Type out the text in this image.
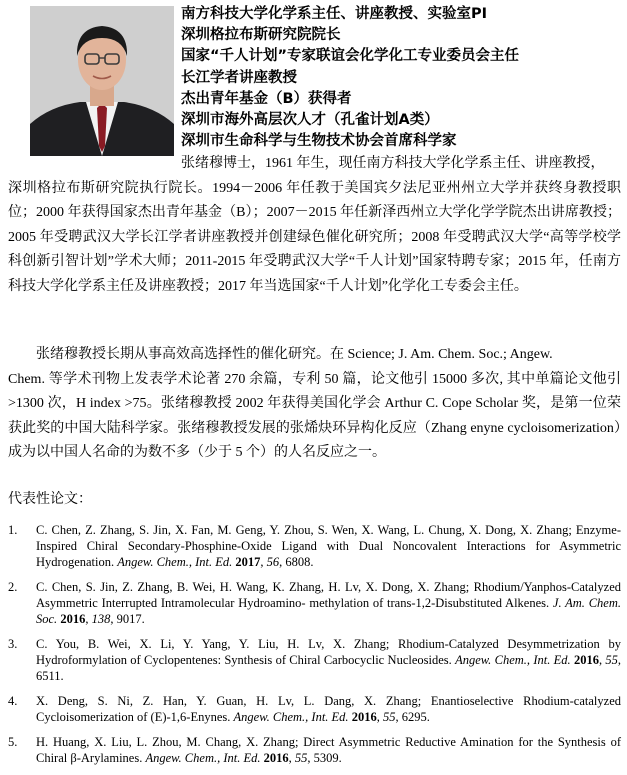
南方科技大学化学系主任、讲座教授、实验室PI
深圳格拉布斯研究院院长
国家“千人计划”专家联谊会化学化工专业委员会主任
长江学者讲座教授
杰出青年基金（B）获得者
深圳市海外高层次人才（孔雀计划A类）
深圳市生命科学与生物技术协会首席科学家

张绪穆博士，1961 年生，现任南方科技大学化学系主任、讲座教授，
深圳格拉布斯研究院执行院长。1994－2006 年任教于美国宾夕法尼亚州州立大学并获终身教授职位；2000 年获得国家杰出青年基金（B）；2007－2015 年任新泽西州立大学化学学院杰出讲席教授；2005 年受聘武汉大学长江学者讲座教授并创建绿色催化研究所；2008 年受聘武汉大学“高等学校学科创新引智计划”学术大师；2011-2015 年受聘武汉大学“千人计划”国家特聘专家；2015 年，任南方科技大学化学系主任及讲座教授；2017 年当选国家“千人计划”化学化工专委会主任。

张绪穆教授长期从事高效高选择性的催化研究。在 Science; J. Am. Chem. Soc.; Angew.
Chem. 等学术刊物上发表学术论著 270 余篇，专利 50 篇，论文他引 15000 多次, 其中单篇论文他引>1300 次，H index >75。张绪穆教授 2002 年获得美国化学会 Arthur C. Cope Scholar 奖，是第一位荣获此奖的中国大陆科学家。张绪穆教授发展的张烯炔环异构化反应（Zhang enyne cycloisomerization）成为以中国人名命的为数不多（少于 5 个）的人名反应之一。

代表性论文：

1. C. Chen, Z. Zhang, S. Jin, X. Fan, M. Geng, Y. Zhou, S. Wen, X. Wang, L. Chung, X. Dong, X. Zhang; Enzyme-Inspired Chiral Secondary-Phosphine-Oxide Ligand with Dual Noncovalent Interactions for Asymmetric Hydrogenation. Angew. Chem., Int. Ed. 2017, 56, 6808.
2. C. Chen, S. Jin, Z. Zhang, B. Wei, H. Wang, K. Zhang, H. Lv, X. Dong, X. Zhang; Rhodium/Yanphos-Catalyzed Asymmetric Interrupted Intramolecular Hydroamino- methylation of trans-1,2-Disubstituted Alkenes. J. Am. Chem. Soc. 2016, 138, 9017.
3. C. You, B. Wei, X. Li, Y. Yang, Y. Liu, H. Lv, X. Zhang; Rhodium-Catalyzed Desymmetrization by Hydroformylation of Cyclopentenes: Synthesis of Chiral Carbocyclic Nucleosides. Angew. Chem., Int. Ed. 2016, 55, 6511.
4. X. Deng, S. Ni, Z. Han, Y. Guan, H. Lv, L. Dang, X. Zhang; Enantioselective Rhodium-catalyzed Cycloisomerization of (E)-1,6-Enynes. Angew. Chem., Int. Ed. 2016, 55, 6295.
5. H. Huang, X. Liu, L. Zhou, M. Chang, X. Zhang; Direct Asymmetric Reductive Amination for the Synthesis of Chiral β-Arylamines. Angew. Chem., Int. Ed. 2016, 55, 5309.
